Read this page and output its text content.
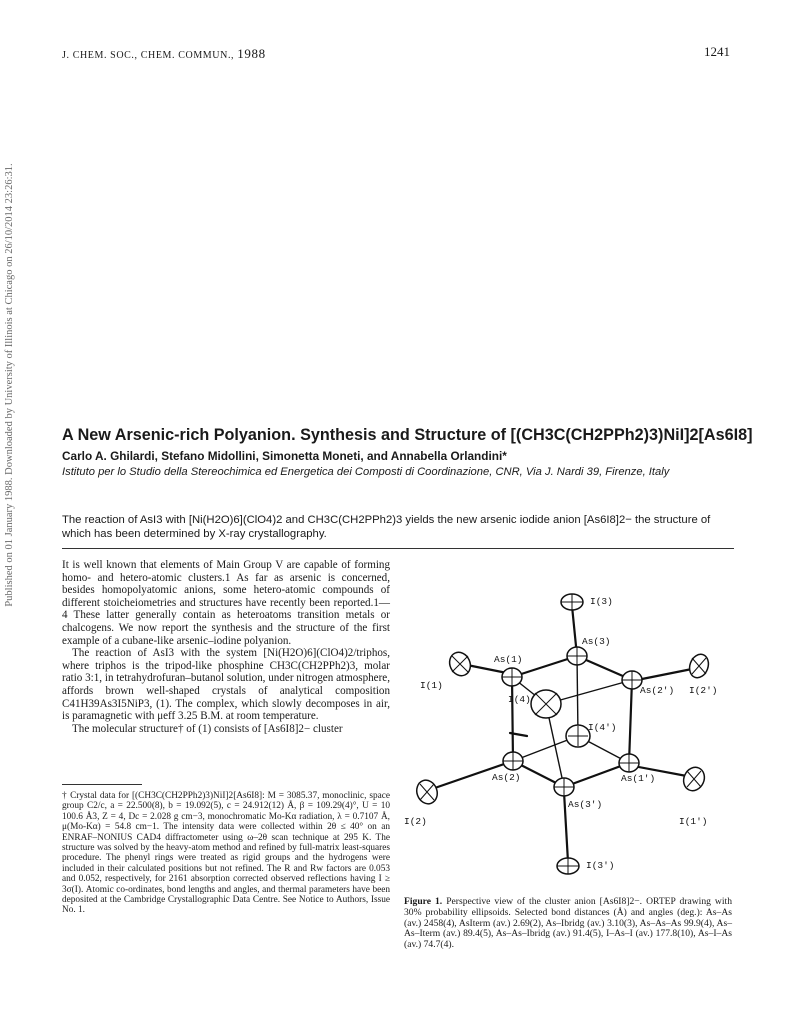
Published on 01 January 1988. Downloaded by University of Illinois at Chicago on 26/10/2014 23:26:31.
J. CHEM. SOC., CHEM. COMMUN., 1988	1241
A New Arsenic-rich Polyanion. Synthesis and Structure of [(CH3C(CH2PPh2)3)NiI]2[As6I8]
Carlo A. Ghilardi, Stefano Midollini, Simonetta Moneti, and Annabella Orlandini*
Istituto per lo Studio della Stereochimica ed Energetica dei Composti di Coordinazione, CNR, Via J. Nardi 39, Firenze, Italy
The reaction of AsI3 with [Ni(H2O)6](ClO4)2 and CH3C(CH2PPh2)3 yields the new arsenic iodide anion [As6I8]2− the structure of which has been determined by X-ray crystallography.

It is well known that elements of Main Group V are capable of forming homo- and hetero-atomic clusters.1 As far as arsenic is concerned, besides homopolyatomic anions, some hetero-atomic compounds of different stoicheiometries and structures have recently been reported.1—4 These latter generally contain as heteroatoms transition metals or chalcogens. We now report the synthesis and the structure of the first example of a cubane-like arsenic–iodine polyanion.

The reaction of AsI3 with the system [Ni(H2O)6](ClO4)2/triphos, where triphos is the tripod-like phosphine CH3C(CH2PPh2)3, molar ratio 3:1, in tetrahydrofuran–butanol solution, under nitrogen atmosphere, affords brown well-shaped crystals of analytical composition C41H39As3I5NiP3, (1). The complex, which slowly decomposes in air, is paramagnetic with μeff 3.25 B.M. at room temperature.

The molecular structure† of (1) consists of [As6I8]2− cluster

† Crystal data for [(CH3C(CH2PPh2)3)NiI]2[As6I8]: M = 3085.37, monoclinic, space group C2/c, a = 22.500(8), b = 19.092(5), c = 24.912(12) Å, β = 109.29(4)°, U = 10 100.6 Å3, Z = 4, Dc = 2.028 g cm−3, monochromatic Mo-Kα radiation, λ = 0.7107 Å, μ(Mo-Kα) = 54.8 cm−1. The intensity data were collected within 2θ ≤ 40° on an ENRAF–NONIUS CAD4 diffractometer using ω–2θ scan technique at 295 K. The structure was solved by the heavy-atom method and refined by full-matrix least-squares procedure. The phenyl rings were treated as rigid groups and the hydrogens were included in their calculated positions but not refined. The R and Rw factors are 0.053 and 0.052, respectively, for 2161 absorption corrected observed reflections having I ≥ 3σ(I). Atomic co-ordinates, bond lengths and angles, and thermal parameters have been deposited at the Cambridge Crystallographic Data Centre. See Notice to Authors, Issue No. 1.

I(3)
As(3)
As(1)
I(1)
I(4)
As(2') I(2')
I(4')
As(2)	As(1')
I(2)
As(3')
I(1')
I(3')
Figure 1. Perspective view of the cluster anion [As6I8]2−. ORTEP drawing with 30% probability ellipsoids. Selected bond distances (Å) and angles (deg.): As–As (av.) 2458(4), AsIterm (av.) 2.69(2), As–Ibridg (av.) 3.10(3), As–As–As 99.9(4), As–As–Iterm (av.) 89.4(5), As–As–Ibridg (av.) 91.4(5), I–As–I (av.) 177.8(10), As–I–As (av.) 74.7(4).
